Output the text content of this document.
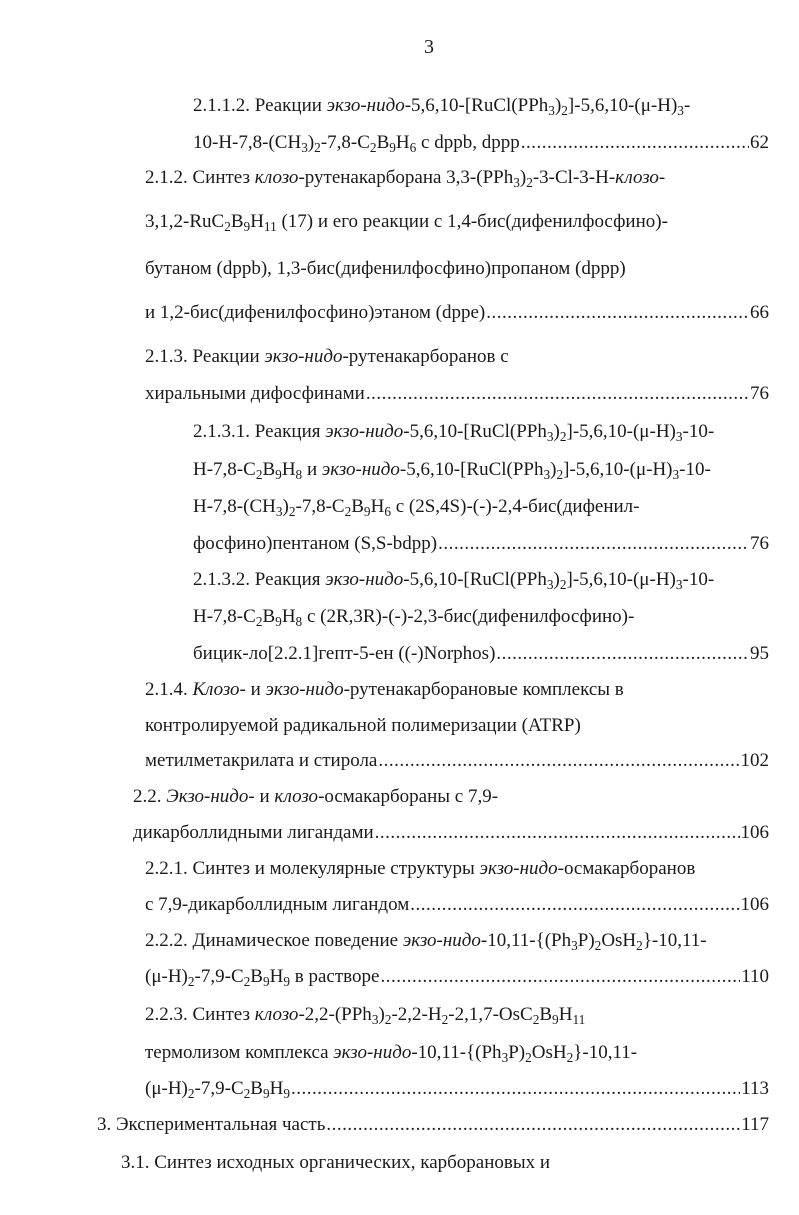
3
2.1.1.2. Реакции экзо-$нидо-5,6,10-[RuCl(PPh_3)_2]-5,6,10-(\mu-H)_3-$
$10-H-7,8-(CH_3)_2-7,8-C_2B_9H_6$ с dppb, dppp .....	62
2.1.2. Синтез клозо-рутенакарборана $3,3-(PPh_3)_2-3-Cl-3-H-клозо-$
$3,1,2-RuC_2B_9H_{11}$ (17) и его реакции с 1,4-бис(дифенилфосфино)-
бутаном (dppb), 1,3-бис(дифенилфосфино)пропаном (dppp)
и 1,2-бис(дифенилфосфино)этаном (dppe) .....	66
2.1.3. Реакции экзо-нидо-рутенакарборанов с
хиральными дифосфинами .....	76
2.1.3.1. Реакция экзо-$нидо-5,6,10-[RuCl(PPh_3)_2]-5,6,10-(\mu-H)_3-10-$
$H-7,8-C_2B_9H_8$ и экзо-$нидо-5,6,10-[RuCl(PPh_3)_2]-5,6,10-(\mu-H)_3-10-$
$H-7,8-(CH_3)_2-7,8-C_2B_9H_6$ с (2S,4S)-(-)-2,4-бис(дифенил-
фосфино)пентаном (S,S-bdpp) .....	76
2.1.3.2. Реакция экзо-$нидо-5,6,10-[RuCl(PPh_3)_2]-5,6,10-(\mu-H)_3-10-$
$H-7,8-C_2B_9H_8$ с (2R,3R)-(-)-2,3-бис(дифенилфосфино)-
бицик-ло[2.2.1]гепт-5-ен ((-)Norphos) .....	95
2.1.4. Клозо- и экзо-нидо-рутенакарборановые комплексы в
контролируемой радикальной полимеризации (ATRP)
метилметакрилата и стирола .....	102
2.2. Экзо-нидо- и клозо-осмакарбораны с 7,9-
дикарболлидными лигандами .....	106
2.2.1. Синтез и молекулярные структуры экзо-нидо-осмакарборанов
с 7,9-дикарболлидным лигандом .....	106
2.2.2. Динамическое поведение экзо-$нидо-10,11-\{(Ph_3P)_2OsH_2\}-10,11-$
$(\mu-H)_2-7,9-C_2B_9H_9$ в растворе .....	110
2.2.3. Синтез клозо-$2,2-(PPh_3)_2-2,2-H_2-2,1,7-OsC_2B_9H_{11}$
термолизом комплекса экзо-$нидо-10,11-\{(Ph_3P)_2OsH_2\}-10,11-$
$(\mu-H)_2-7,9-C_2B_9H_9$ .....	113
3. Экспериментальная часть .....	117
3.1. Синтез исходных органических, карборановых и
